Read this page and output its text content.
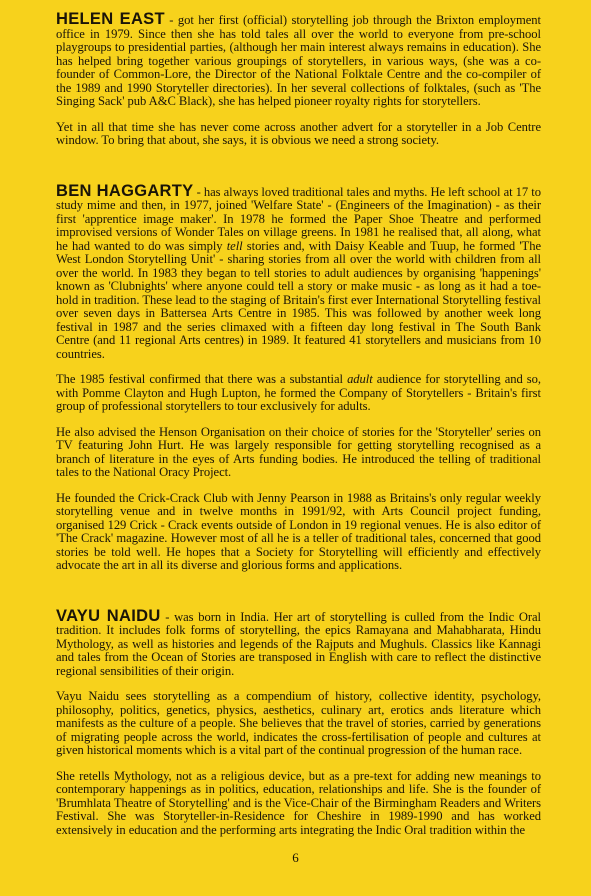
HELEN EAST - got her first (official) storytelling job through the Brixton employment office in 1979. Since then she has told tales all over the world to everyone from pre-school playgroups to presidential parties, (although her main interest always remains in education). She has helped bring together various groupings of storytellers, in various ways, (she was a co-founder of Common-Lore, the Director of the National Folktale Centre and the co-compiler of the 1989 and 1990 Storyteller directories). In her several collections of folktales, (such as 'The Singing Sack' pub A&C Black), she has helped pioneer royalty rights for storytellers.

Yet in all that time she has never come across another advert for a storyteller in a Job Centre window. To bring that about, she says, it is obvious we need a strong society.

BEN HAGGARTY - has always loved traditional tales and myths. He left school at 17 to study mime and then, in 1977, joined 'Welfare State' - (Engineers of the Imagination) - as their first 'apprentice image maker'. In 1978 he formed the Paper Shoe Theatre and performed improvised versions of Wonder Tales on village greens. In 1981 he realised that, all along, what he had wanted to do was simply tell stories and, with Daisy Keable and Tuup, he formed 'The West London Storytelling Unit' - sharing stories from all over the world with children from all over the world. In 1983 they began to tell stories to adult audiences by organising 'happenings' known as 'Clubnights' where anyone could tell a story or make music - as long as it had a toe-hold in tradition. These lead to the staging of Britain's first ever International Storytelling festival over seven days in Battersea Arts Centre in 1985. This was followed by another week long festival in 1987 and the series climaxed with a fifteen day long festival in The South Bank Centre (and 11 regional Arts centres) in 1989. It featured 41 storytellers and musicians from 10 countries.

The 1985 festival confirmed that there was a substantial adult audience for storytelling and so, with Pomme Clayton and Hugh Lupton, he formed the Company of Storytellers - Britain's first group of professional storytellers to tour exclusively for adults.

He also advised the Henson Organisation on their choice of stories for the 'Storyteller' series on TV featuring John Hurt. He was largely responsible for getting storytelling recognised as a branch of literature in the eyes of Arts funding bodies. He introduced the telling of traditional tales to the National Oracy Project.

He founded the Crick-Crack Club with Jenny Pearson in 1988 as Britains's only regular weekly storytelling venue and in twelve months in 1991/92, with Arts Council project funding, organised 129 Crick - Crack events outside of London in 19 regional venues. He is also editor of 'The Crack' magazine. However most of all he is a teller of traditional tales, concerned that good stories be told well. He hopes that a Society for Storytelling will efficiently and effectively advocate the art in all its diverse and glorious forms and applications.

VAYU NAIDU - was born in India. Her art of storytelling is culled from the Indic Oral tradition. It includes folk forms of storytelling, the epics Ramayana and Mahabharata, Hindu Mythology, as well as histories and legends of the Rajputs and Mughuls. Classics like Kannagi and tales from the Ocean of Stories are transposed in English with care to reflect the distinctive regional sensibilities of their origin.

Vayu Naidu sees storytelling as a compendium of history, collective identity, psychology, philosophy, politics, genetics, physics, aesthetics, culinary art, erotics ands literature which manifests as the culture of a people. She believes that the travel of stories, carried by generations of migrating people across the world, indicates the cross-fertilisation of people and cultures at given historical moments which is a vital part of the continual progression of the human race.

She retells Mythology, not as a religious device, but as a pre-text for adding new meanings to contemporary happenings as in politics, education, relationships and life. She is the founder of 'Brumhlata Theatre of Storytelling' and is the Vice-Chair of the Birmingham Readers and Writers Festival. She was Storyteller-in-Residence for Cheshire in 1989-1990 and has worked extensively in education and the performing arts integrating the Indic Oral tradition within the

6
